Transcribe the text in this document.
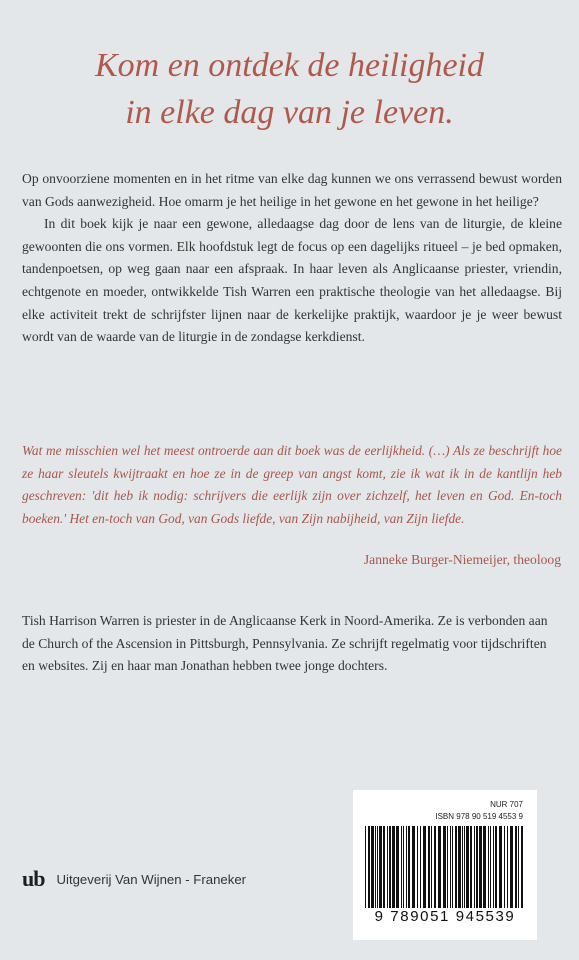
Kom en ontdek de heiligheid
in elke dag van je leven.

Op onvoorziene momenten en in het ritme van elke dag kunnen we ons verrassend bewust worden van Gods aanwezigheid. Hoe omarm je het heilige in het gewone en het gewone in het heilige?

In dit boek kijk je naar een gewone, alledaagse dag door de lens van de liturgie, de kleine gewoonten die ons vormen. Elk hoofdstuk legt de focus op een dagelijks ritueel – je bed opmaken, tandenpoetsen, op weg gaan naar een afspraak. In haar leven als Anglicaanse priester, vriendin, echtgenote en moeder, ontwikkelde Tish Warren een praktische theologie van het alledaagse. Bij elke activiteit trekt de schrijfster lijnen naar de kerkelijke praktijk, waardoor je je weer bewust wordt van de waarde van de liturgie in de zondagse kerkdienst.

Wat me misschien wel het meest ontroerde aan dit boek was de eerlijkheid. (…) Als ze beschrijft hoe ze haar sleutels kwijtraakt en hoe ze in de greep van angst komt, zie ik wat ik in de kantlijn heb geschreven: 'dit heb ik nodig: schrijvers die eerlijk zijn over zichzelf, het leven en God. En-toch boeken.' Het en-toch van God, van Gods liefde, van Zijn nabijheid, van Zijn liefde.
Janneke Burger-Niemeijer, theoloog
Tish Harrison Warren is priester in de Anglicaanse Kerk in Noord-Amerika. Ze is verbonden aan de Church of the Ascension in Pittsburgh, Pennsylvania. Ze schrijft regelmatig voor tijdschriften en websites. Zij en haar man Jonathan hebben twee jonge dochters.
ub Uitgeverij Van Wijnen - Franeker
NUR 707
ISBN 978 90 519 4553 9
9 789051 945539
